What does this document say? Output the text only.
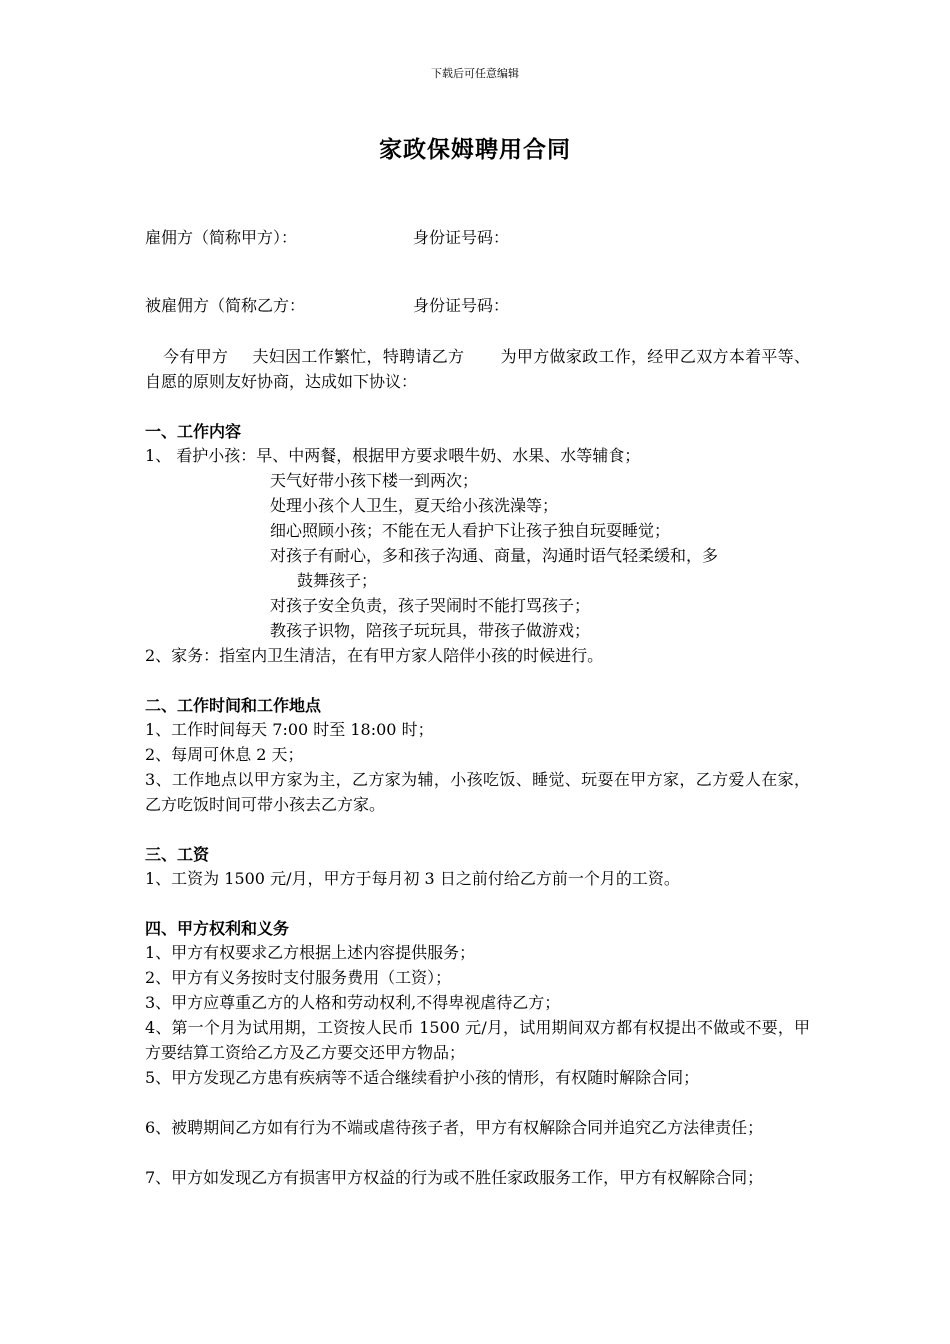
下载后可任意编辑
家政保姆聘用合同
雇佣方（简称甲方）：	身份证号码：
被雇佣方（简称乙方：	身份证号码：
今有甲方 夫妇因工作繁忙，特聘请乙方 为甲方做家政工作，经甲乙双方本着平等、自愿的原则友好协商，达成如下协议：
一、工作内容
1、 看护小孩：早、中两餐，根据甲方要求喂牛奶、水果、水等辅食；
天气好带小孩下楼一到两次；
处理小孩个人卫生，夏天给小孩洗澡等；
细心照顾小孩；不能在无人看护下让孩子独自玩耍睡觉；
对孩子有耐心，多和孩子沟通、商量，沟通时语气轻柔缓和，多
鼓舞孩子；
对孩子安全负责，孩子哭闹时不能打骂孩子；
教孩子识物，陪孩子玩玩具，带孩子做游戏；
2、家务：指室内卫生清洁，在有甲方家人陪伴小孩的时候进行。
二、工作时间和工作地点
1、工作时间每天 7:00 时至 18:00 时；
2、每周可休息 2 天；
3、工作地点以甲方家为主，乙方家为辅，小孩吃饭、睡觉、玩耍在甲方家，乙方爱人在家，乙方吃饭时间可带小孩去乙方家。
三、工资
1、工资为 1500 元/月，甲方于每月初 3 日之前付给乙方前一个月的工资。
四、甲方权利和义务
1、甲方有权要求乙方根据上述内容提供服务；
2、甲方有义务按时支付服务费用（工资）；
3、甲方应尊重乙方的人格和劳动权利,不得卑视虐待乙方；
4、第一个月为试用期，工资按人民币 1500 元/月，试用期间双方都有权提出不做或不要，甲方要结算工资给乙方及乙方要交还甲方物品；
5、甲方发现乙方患有疾病等不适合继续看护小孩的情形，有权随时解除合同；
6、被聘期间乙方如有行为不端或虐待孩子者，甲方有权解除合同并追究乙方法律责任；
7、甲方如发现乙方有损害甲方权益的行为或不胜任家政服务工作，甲方有权解除合同；
